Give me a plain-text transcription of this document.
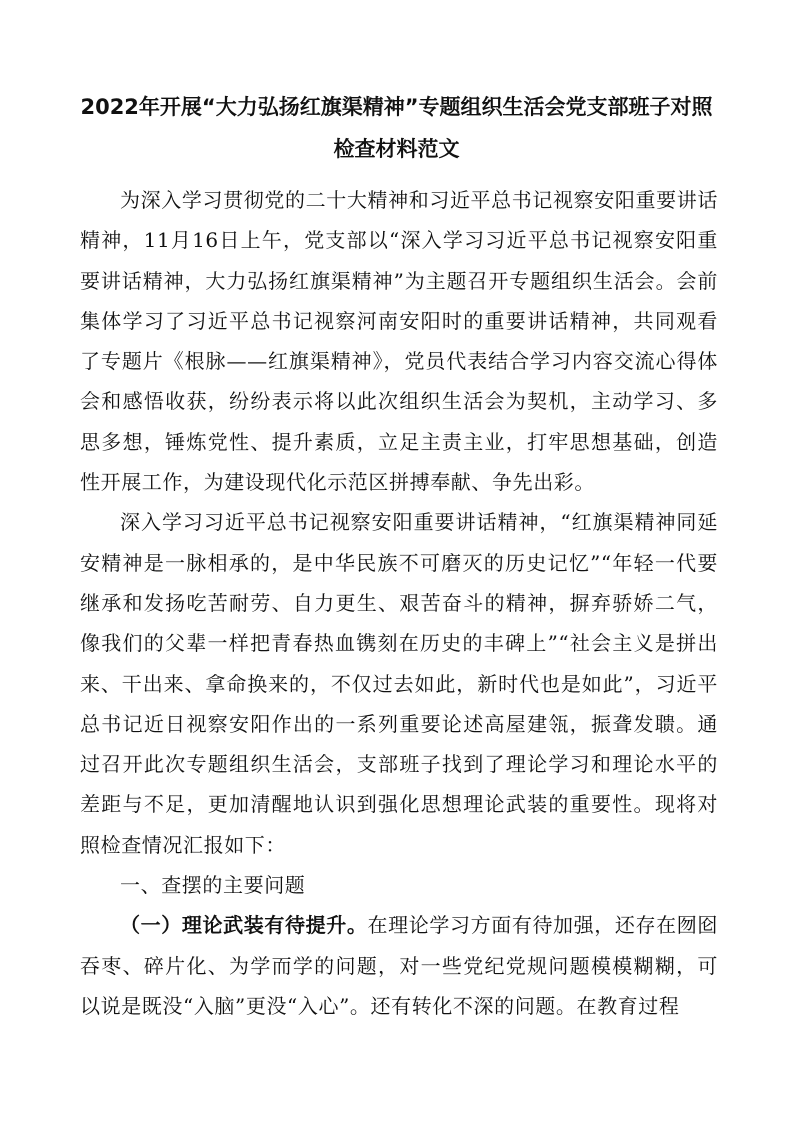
2022年开展“大力弘扬红旗渠精神”专题组织生活会党支部班子对照检查材料范文

为深入学习贯彻党的二十大精神和习近平总书记视察安阳重要讲话精神，11月16日上午，党支部以“深入学习习近平总书记视察安阳重要讲话精神，大力弘扬红旗渠精神”为主题召开专题组织生活会。会前集体学习了习近平总书记视察河南安阳时的重要讲话精神，共同观看了专题片《根脉——红旗渠精神》，党员代表结合学习内容交流心得体会和感悟收获，纷纷表示将以此次组织生活会为契机，主动学习、多思多想，锤炼党性、提升素质，立足主责主业，打牢思想基础，创造性开展工作，为建设现代化示范区拼搏奉献、争先出彩。

深入学习习近平总书记视察安阳重要讲话精神，“红旗渠精神同延安精神是一脉相承的，是中华民族不可磨灭的历史记忆”“年轻一代要继承和发扬吃苦耐劳、自力更生、艰苦奋斗的精神，摒弃骄娇二气，像我们的父辈一样把青春热血镌刻在历史的丰碑上”“社会主义是拼出来、干出来、拿命换来的，不仅过去如此，新时代也是如此”，习近平总书记近日视察安阳作出的一系列重要论述高屋建瓴，振聋发聩。通过召开此次专题组织生活会，支部班子找到了理论学习和理论水平的差距与不足，更加清醒地认识到强化思想理论武装的重要性。现将对照检查情况汇报如下：

一、查摆的主要问题

（一）理论武装有待提升。在理论学习方面有待加强，还存在囫囵吞枣、碎片化、为学而学的问题，对一些党纪党规问题模模糊糊，可以说是既没“入脑”更没“入心”。还有转化不深的问题。在教育过程
